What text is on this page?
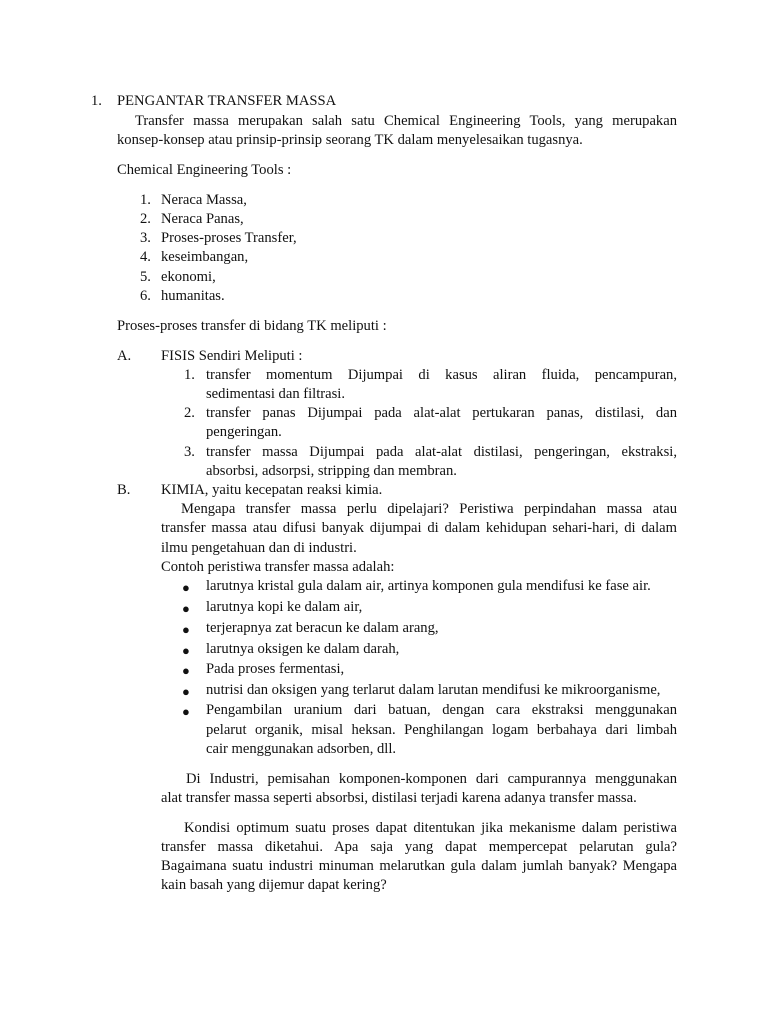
1. PENGANTAR TRANSFER MASSA
Transfer massa merupakan salah satu Chemical Engineering Tools, yang merupakan
konsep-konsep atau prinsip-prinsip seorang TK dalam menyelesaikan tugasnya.
Chemical Engineering Tools :
1. Neraca Massa,
2. Neraca Panas,
3. Proses-proses Transfer,
4. keseimbangan,
5. ekonomi,
6. humanitas.
Proses-proses transfer di bidang TK meliputi :
A. FISIS Sendiri Meliputi :
1. transfer momentum Dijumpai di kasus aliran fluida, pencampuran,
sedimentasi dan filtrasi.
2. transfer panas Dijumpai pada alat-alat pertukaran panas, distilasi, dan
pengeringan.
3. transfer massa Dijumpai pada alat-alat distilasi, pengeringan, ekstraksi,
absorbsi, adsorpsi, stripping dan membran.
B. KIMIA, yaitu kecepatan reaksi kimia.
Mengapa transfer massa perlu dipelajari? Peristiwa perpindahan massa atau
transfer massa atau difusi banyak dijumpai di dalam kehidupan sehari-hari, di dalam
ilmu pengetahuan dan di industri.
Contoh peristiwa transfer massa adalah:
● larutnya kristal gula dalam air, artinya komponen gula mendifusi ke fase air.
● larutnya kopi ke dalam air,
● terjerapnya zat beracun ke dalam arang,
● larutnya oksigen ke dalam darah,
● Pada proses fermentasi,
● nutrisi dan oksigen yang terlarut dalam larutan mendifusi ke mikroorganisme,
● Pengambilan uranium dari batuan, dengan cara ekstraksi menggunakan
pelarut organik, misal heksan. Penghilangan logam berbahaya dari limbah
cair menggunakan adsorben, dll.
Di Industri, pemisahan komponen-komponen dari campurannya menggunakan
alat transfer massa seperti absorbsi, distilasi terjadi karena adanya transfer massa.
Kondisi optimum suatu proses dapat ditentukan jika mekanisme dalam peristiwa
transfer massa diketahui. Apa saja yang dapat mempercepat pelarutan gula?
Bagaimana suatu industri minuman melarutkan gula dalam jumlah banyak? Mengapa
kain basah yang dijemur dapat kering?
